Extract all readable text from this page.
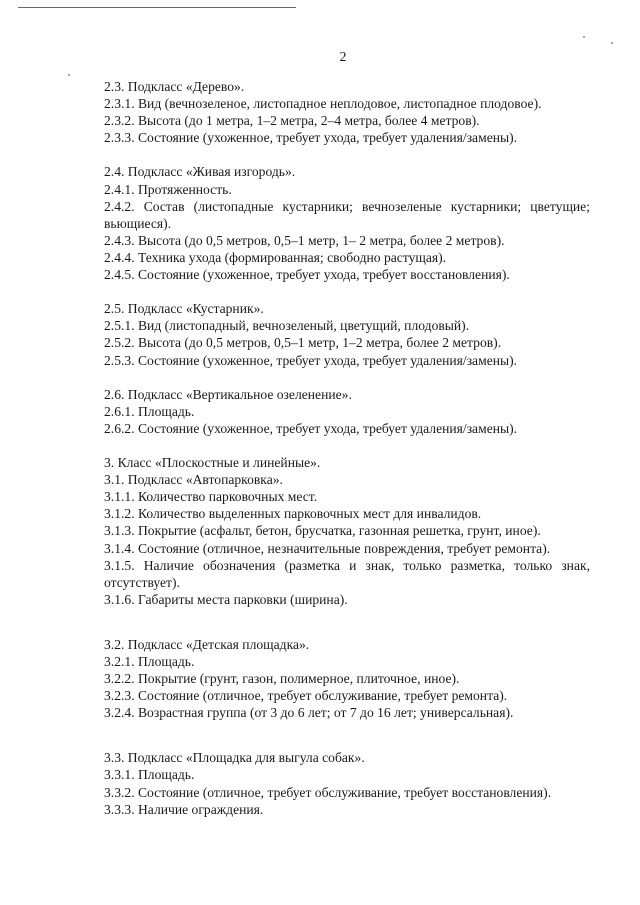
2
2.3. Подкласс «Дерево».
2.3.1. Вид (вечнозеленое, листопадное неплодовое, листопадное плодовое).
2.3.2. Высота (до 1 метра, 1–2 метра, 2–4 метра, более 4 метров).
2.3.3. Состояние (ухоженное, требует ухода, требует удаления/замены).
2.4. Подкласс «Живая изгородь».
2.4.1. Протяженность.
2.4.2. Состав (листопадные кустарники; вечнозеленые кустарники; цветущие; вьющиеся).
2.4.3. Высота (до 0,5 метров, 0,5–1 метр, 1– 2 метра, более 2 метров).
2.4.4. Техника ухода (формированная; свободно растущая).
2.4.5. Состояние (ухоженное, требует ухода, требует восстановления).
2.5. Подкласс «Кустарник».
2.5.1. Вид (листопадный, вечнозеленый, цветущий, плодовый).
2.5.2. Высота (до 0,5 метров, 0,5–1 метр, 1–2 метра, более 2 метров).
2.5.3. Состояние (ухоженное, требует ухода, требует удаления/замены).
2.6. Подкласс «Вертикальное озеленение».
2.6.1. Площадь.
2.6.2. Состояние (ухоженное, требует ухода, требует удаления/замены).
3. Класс «Плоскостные и линейные».
3.1. Подкласс «Автопарковка».
3.1.1. Количество парковочных мест.
3.1.2. Количество выделенных парковочных мест для инвалидов.
3.1.3. Покрытие (асфальт, бетон, брусчатка, газонная решетка, грунт, иное).
3.1.4. Состояние (отличное, незначительные повреждения, требует ремонта).
3.1.5. Наличие обозначения (разметка и знак, только разметка, только знак, отсутствует).
3.1.6. Габариты места парковки (ширина).
3.2. Подкласс «Детская площадка».
3.2.1. Площадь.
3.2.2. Покрытие (грунт, газон, полимерное, плиточное, иное).
3.2.3. Состояние (отличное, требует обслуживание, требует ремонта).
3.2.4. Возрастная группа (от 3 до 6 лет; от 7 до 16 лет; универсальная).
3.3. Подкласс «Площадка для выгула собак».
3.3.1. Площадь.
3.3.2. Состояние (отличное, требует обслуживание, требует восстановления).
3.3.3. Наличие ограждения.
